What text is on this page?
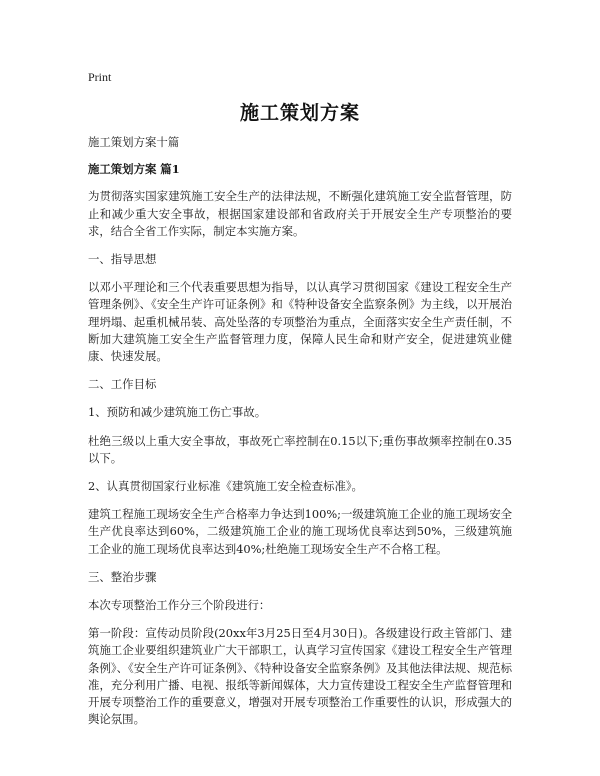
Print
施工策划方案

施工策划方案十篇

施工策划方案 篇1

为贯彻落实国家建筑施工安全生产的法律法规，不断强化建筑施工安全监督管理，防止和减少重大安全事故，根据国家建设部和省政府关于开展安全生产专项整治的要求，结合全省工作实际，制定本实施方案。

一、指导思想

以邓小平理论和三个代表重要思想为指导，以认真学习贯彻国家《建设工程安全生产管理条例》、《安全生产许可证条例》和《特种设备安全监察条例》为主线，以开展治理坍塌、起重机械吊装、高处坠落的专项整治为重点，全面落实安全生产责任制，不断加大建筑施工安全生产监督管理力度，保障人民生命和财产安全，促进建筑业健康、快速发展。

二、工作目标

1、预防和减少建筑施工伤亡事故。

杜绝三级以上重大安全事故，事故死亡率控制在0.15以下;重伤事故频率控制在0.35以下。

2、认真贯彻国家行业标准《建筑施工安全检查标准》。

建筑工程施工现场安全生产合格率力争达到100%;一级建筑施工企业的施工现场安全生产优良率达到60%，二级建筑施工企业的施工现场优良率达到50%，三级建筑施工企业的施工现场优良率达到40%;杜绝施工现场安全生产不合格工程。

三、整治步骤

本次专项整治工作分三个阶段进行：

第一阶段：宣传动员阶段(20xx年3月25日至4月30日)。各级建设行政主管部门、建筑施工企业要组织建筑业广大干部职工，认真学习宣传国家《建设工程安全生产管理条例》、《安全生产许可证条例》、《特种设备安全监察条例》及其他法律法规、规范标准，充分利用广播、电视、报纸等新闻媒体，大力宣传建设工程安全生产监督管理和开展专项整治工作的重要意义，增强对开展专项整治工作重要性的认识，形成强大的舆论氛围。
